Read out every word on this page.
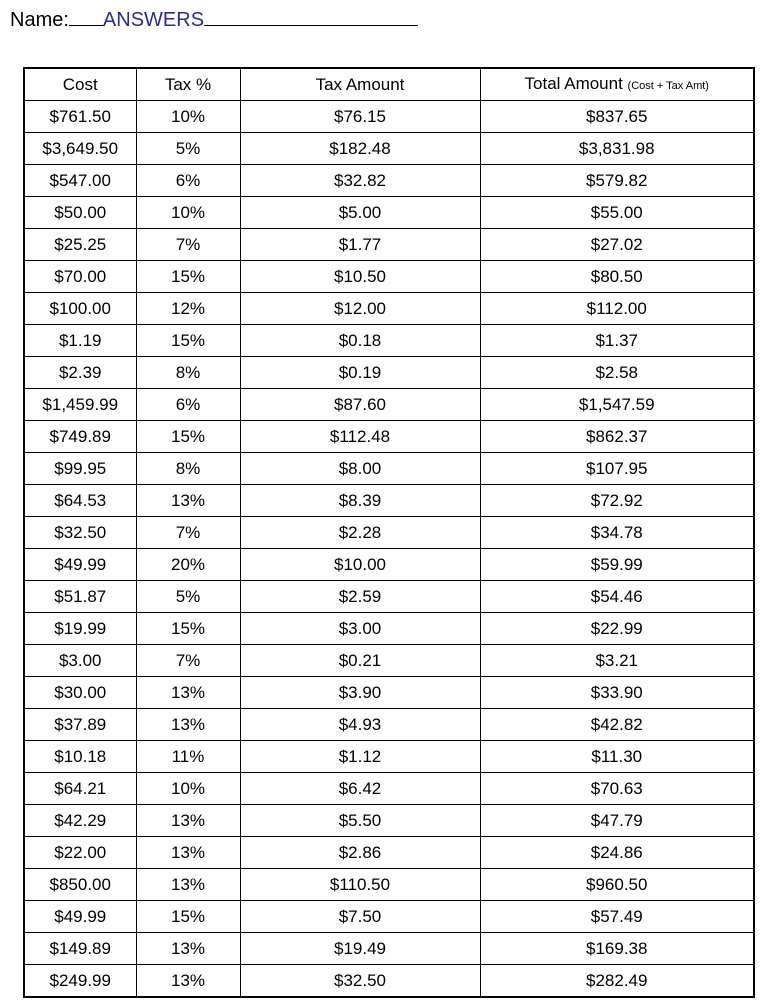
Name: ANSWERS
Cost	Tax %	Tax Amount	Total Amount (Cost + Tax Amt)
$761.50	10%	$76.15	$837.65
$3,649.50	5%	$182.48	$3,831.98
$547.00	6%	$32.82	$579.82
$50.00	10%	$5.00	$55.00
$25.25	7%	$1.77	$27.02
$70.00	15%	$10.50	$80.50
$100.00	12%	$12.00	$112.00
$1.19	15%	$0.18	$1.37
$2.39	8%	$0.19	$2.58
$1,459.99	6%	$87.60	$1,547.59
$749.89	15%	$112.48	$862.37
$99.95	8%	$8.00	$107.95
$64.53	13%	$8.39	$72.92
$32.50	7%	$2.28	$34.78
$49.99	20%	$10.00	$59.99
$51.87	5%	$2.59	$54.46
$19.99	15%	$3.00	$22.99
$3.00	7%	$0.21	$3.21
$30.00	13%	$3.90	$33.90
$37.89	13%	$4.93	$42.82
$10.18	11%	$1.12	$11.30
$64.21	10%	$6.42	$70.63
$42.29	13%	$5.50	$47.79
$22.00	13%	$2.86	$24.86
$850.00	13%	$110.50	$960.50
$49.99	15%	$7.50	$57.49
$149.89	13%	$19.49	$169.38
$249.99	13%	$32.50	$282.49
